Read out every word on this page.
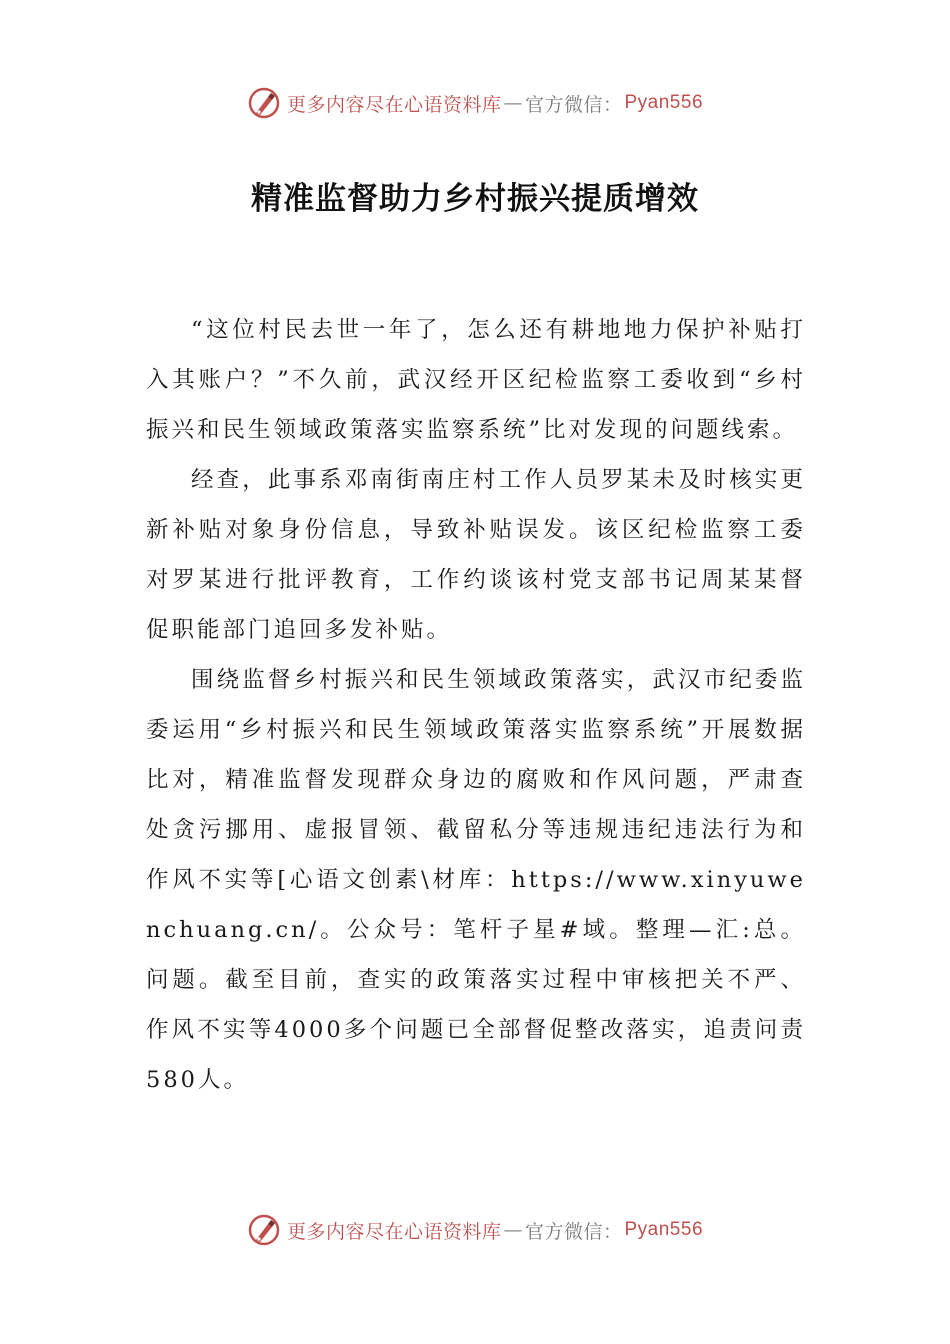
更多内容尽在心语资料库 — 官方微信： Pyan556
精准监督助力乡村振兴提质增效

“这位村民去世一年了，怎么还有耕地地力保护补贴打入其账户？”不久前，武汉经开区纪检监察工委收到“乡村振兴和民生领域政策落实监察系统”比对发现的问题线索。

经查，此事系邓南街南庄村工作人员罗某未及时核实更新补贴对象身份信息，导致补贴误发。该区纪检监察工委对罗某进行批评教育，工作约谈该村党支部书记周某某督促职能部门追回多发补贴。

围绕监督乡村振兴和民生领域政策落实，武汉市纪委监委运用“乡村振兴和民生领域政策落实监察系统”开展数据比对，精准监督发现群众身边的腐败和作风问题，严肃查处贪污挪用、虚报冒领、截留私分等违规违纪违法行为和作风不实等[心语文创素\材库：https://www.xinyuwenchuang.cn/。公众号：笔杆子星#域。整理—汇:总。问题。截至目前，查实的政策落实过程中审核把关不严、作风不实等4000多个问题已全部督促整改落实，追责问责580人。

更多内容尽在心语资料库 — 官方微信： Pyan556
